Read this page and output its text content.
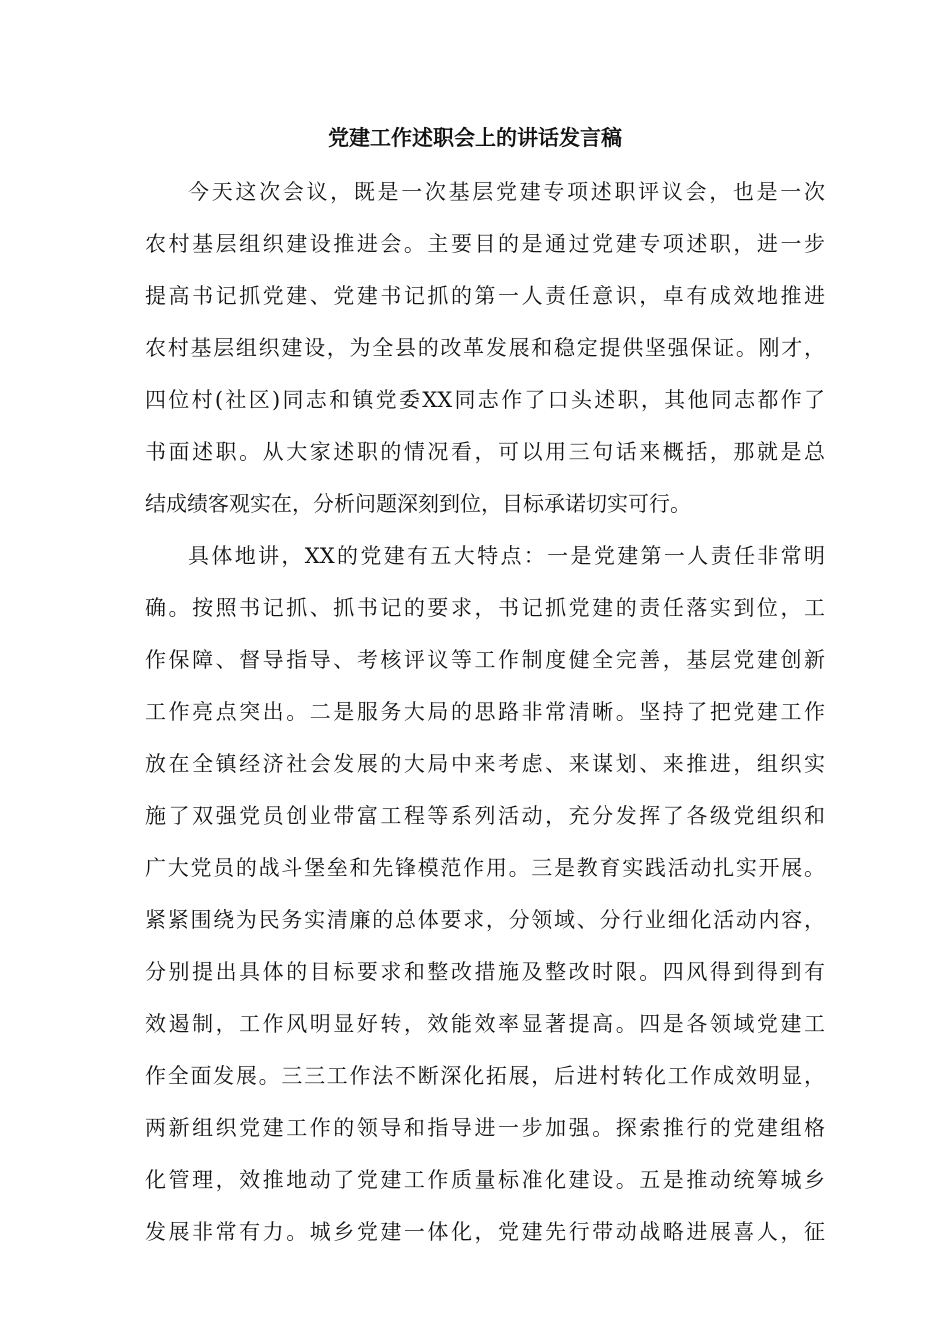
党建工作述职会上的讲话发言稿
今天这次会议，既是一次基层党建专项述职评议会，也是一次
农村基层组织建设推进会。主要目的是通过党建专项述职，进一步
提高书记抓党建、党建书记抓的第一人责任意识，卓有成效地推进
农村基层组织建设，为全县的改革发展和稳定提供坚强保证。刚才，
四位村(社区)同志和镇党委XX同志作了口头述职，其他同志都作了
书面述职。从大家述职的情况看，可以用三句话来概括，那就是总
结成绩客观实在，分析问题深刻到位，目标承诺切实可行。
具体地讲，XX的党建有五大特点：一是党建第一人责任非常明
确。按照书记抓、抓书记的要求，书记抓党建的责任落实到位，工
作保障、督导指导、考核评议等工作制度健全完善，基层党建创新
工作亮点突出。二是服务大局的思路非常清晰。坚持了把党建工作
放在全镇经济社会发展的大局中来考虑、来谋划、来推进，组织实
施了双强党员创业带富工程等系列活动，充分发挥了各级党组织和
广大党员的战斗堡垒和先锋模范作用。三是教育实践活动扎实开展。
紧紧围绕为民务实清廉的总体要求，分领域、分行业细化活动内容，
分别提出具体的目标要求和整改措施及整改时限。四风得到得到有
效遏制，工作风明显好转，效能效率显著提高。四是各领域党建工
作全面发展。三三工作法不断深化拓展，后进村转化工作成效明显，
两新组织党建工作的领导和指导进一步加强。探索推行的党建组格
化管理，效推地动了党建工作质量标准化建设。五是推动统筹城乡
发展非常有力。城乡党建一体化，党建先行带动战略进展喜人，征
